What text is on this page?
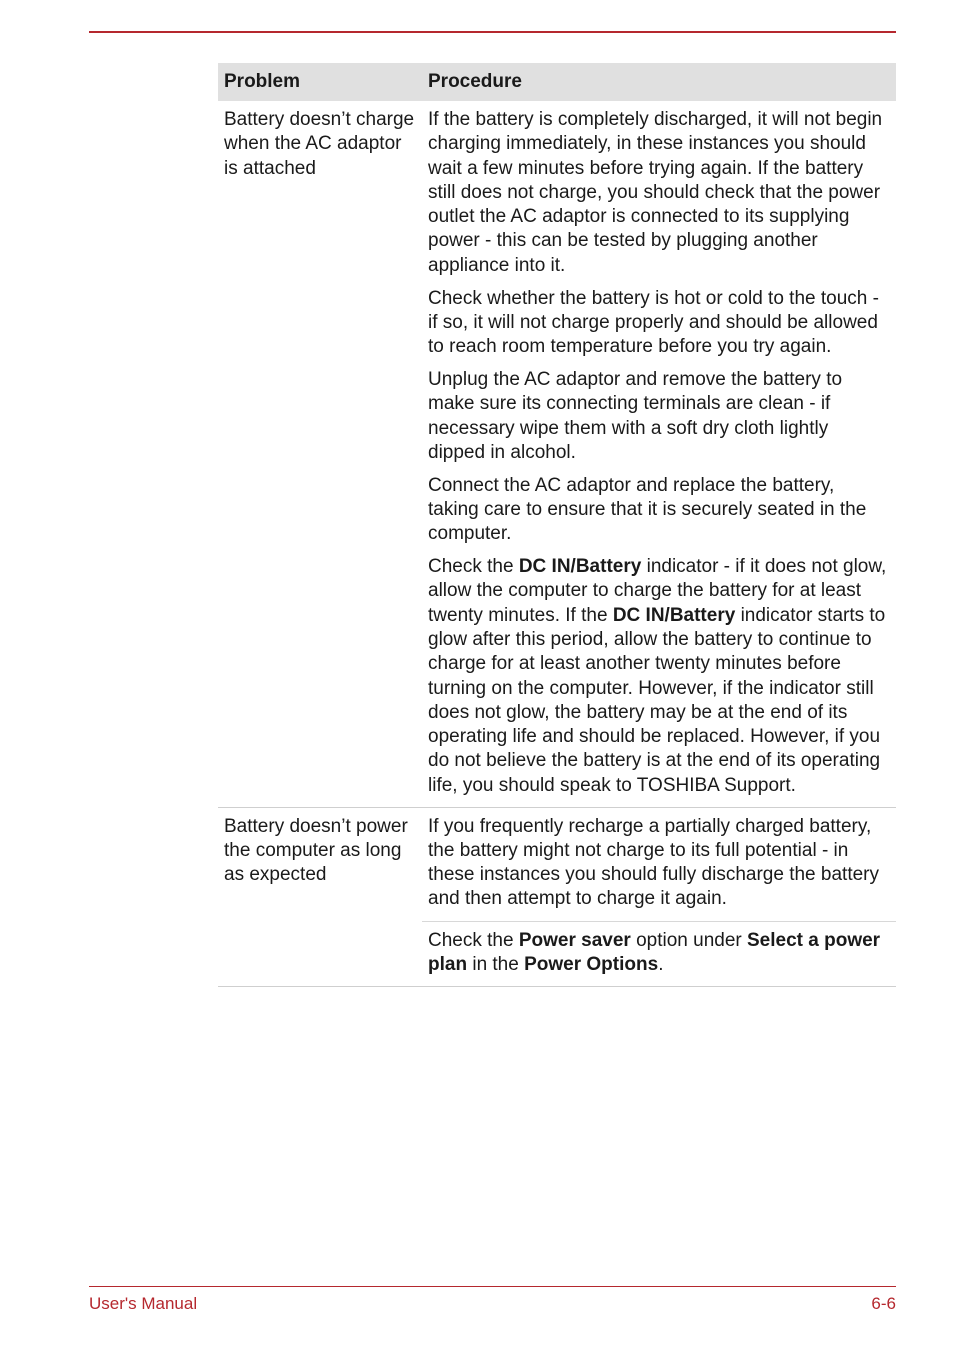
Problem	Procedure
Battery doesn’t charge when the AC adaptor is attached
If the battery is completely discharged, it will not begin charging immediately, in these instances you should wait a few minutes before trying again. If the battery still does not charge, you should check that the power outlet the AC adaptor is connected to its supplying power - this can be tested by plugging another appliance into it.
Check whether the battery is hot or cold to the touch - if so, it will not charge properly and should be allowed to reach room temperature before you try again.
Unplug the AC adaptor and remove the battery to make sure its connecting terminals are clean - if necessary wipe them with a soft dry cloth lightly dipped in alcohol.
Connect the AC adaptor and replace the battery, taking care to ensure that it is securely seated in the computer.
Check the DC IN/Battery indicator - if it does not glow, allow the computer to charge the battery for at least twenty minutes. If the DC IN/Battery indicator starts to glow after this period, allow the battery to continue to charge for at least another twenty minutes before turning on the computer. However, if the indicator still does not glow, the battery may be at the end of its operating life and should be replaced. However, if you do not believe the battery is at the end of its operating life, you should speak to TOSHIBA Support.
Battery doesn’t power the computer as long as expected
If you frequently recharge a partially charged battery, the battery might not charge to its full potential - in these instances you should fully discharge the battery and then attempt to charge it again.
Check the Power saver option under Select a power plan in the Power Options.
User's Manual	6-6
